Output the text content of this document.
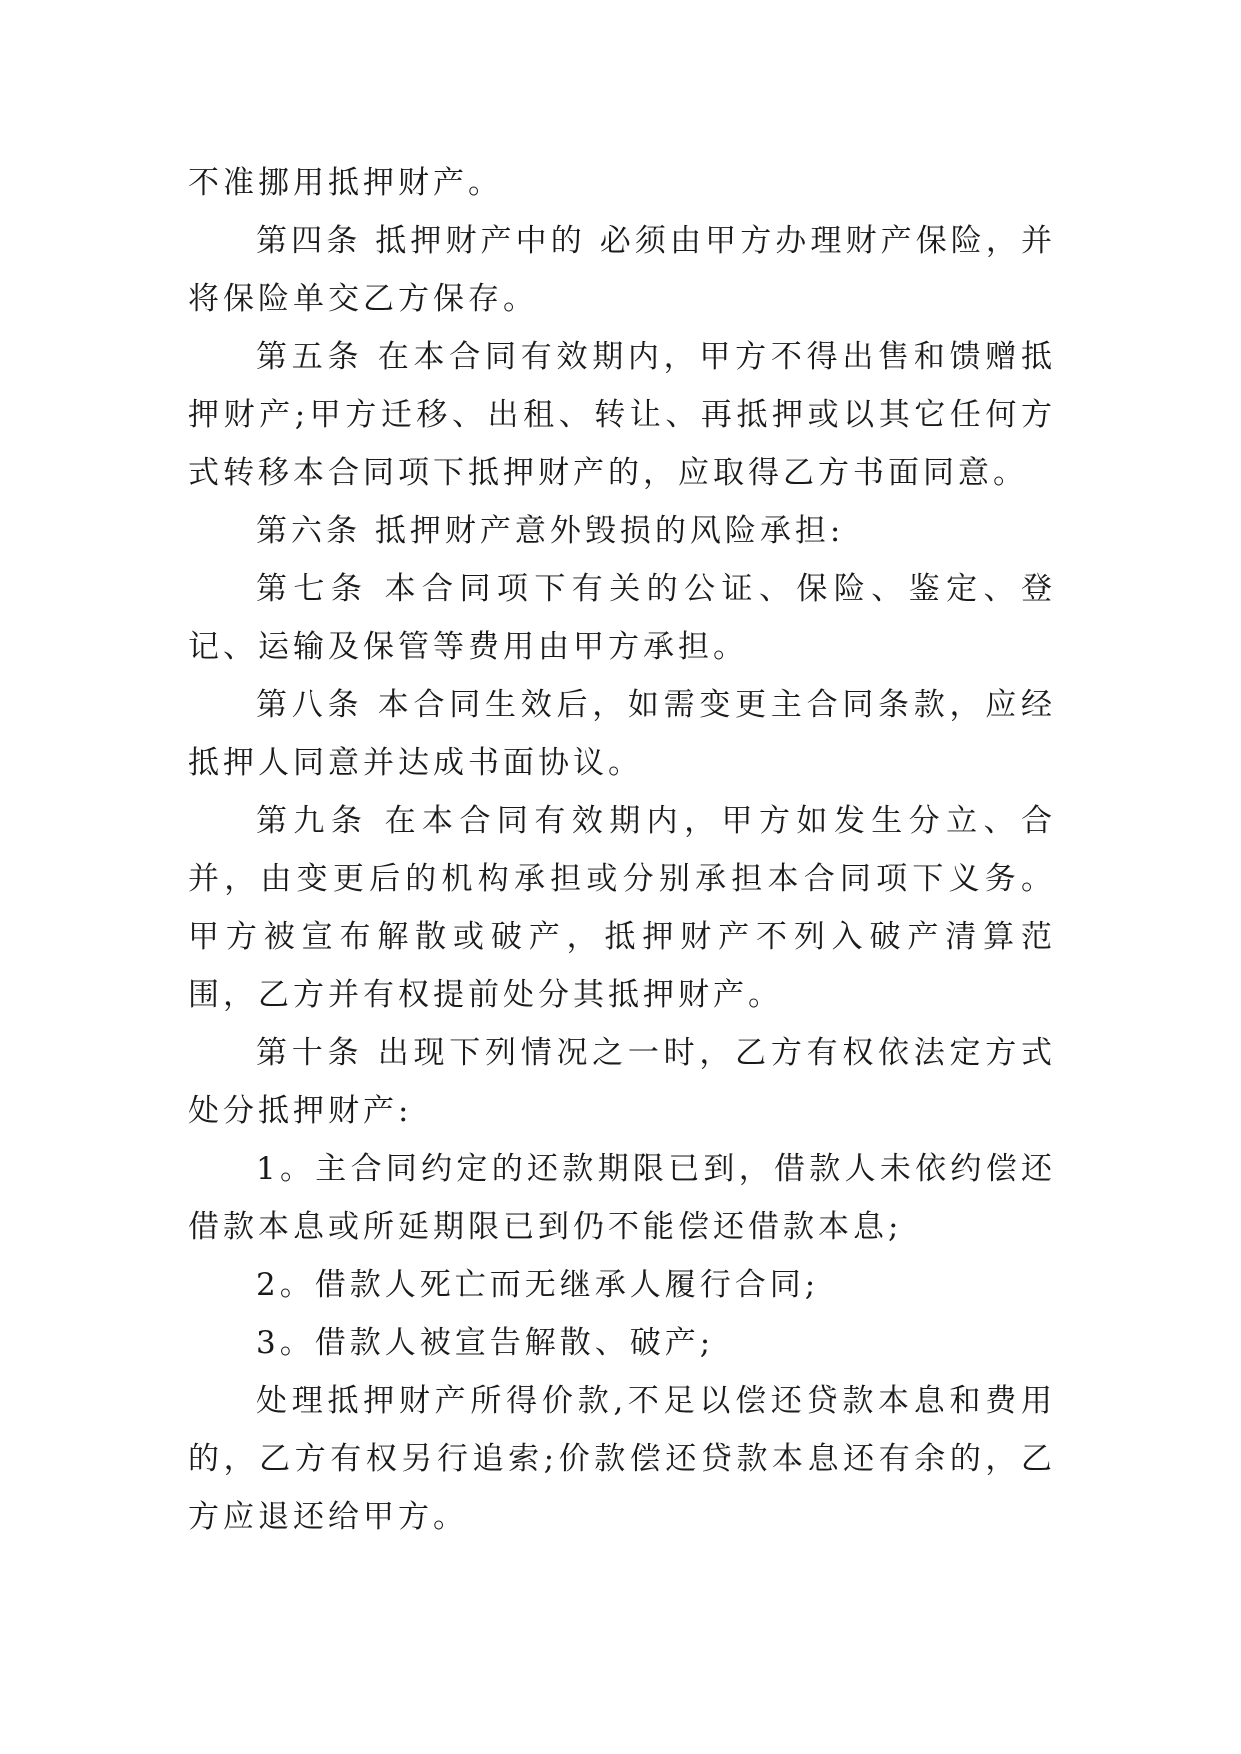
不准挪用抵押财产。

第四条 抵押财产中的 必须由甲方办理财产保险，并将保险单交乙方保存。

第五条 在本合同有效期内，甲方不得出售和馈赠抵押财产;甲方迁移、出租、转让、再抵押或以其它任何方式转移本合同项下抵押财产的，应取得乙方书面同意。

第六条 抵押财产意外毁损的风险承担:

第七条 本合同项下有关的公证、保险、鉴定、登记、运输及保管等费用由甲方承担。

第八条 本合同生效后，如需变更主合同条款，应经抵押人同意并达成书面协议。

第九条 在本合同有效期内，甲方如发生分立、合并，由变更后的机构承担或分别承担本合同项下义务。甲方被宣布解散或破产，抵押财产不列入破产清算范围，乙方并有权提前处分其抵押财产。

第十条 出现下列情况之一时，乙方有权依法定方式处分抵押财产:

1。主合同约定的还款期限已到，借款人未依约偿还借款本息或所延期限已到仍不能偿还借款本息;

2。借款人死亡而无继承人履行合同;

3。借款人被宣告解散、破产;

处理抵押财产所得价款,不足以偿还贷款本息和费用的，乙方有权另行追索;价款偿还贷款本息还有余的，乙方应退还给甲方。
